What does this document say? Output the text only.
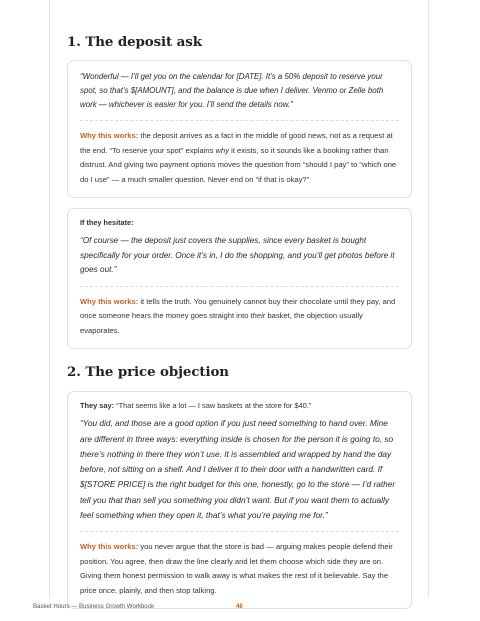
1. The deposit ask

“Wonderful — I’ll get you on the calendar for [DATE]. It’s a 50% deposit to reserve your spot, so that’s $[AMOUNT], and the balance is due when I deliver. Venmo or Zelle both work — whichever is easier for you. I’ll send the details now.”

Why this works: the deposit arrives as a fact in the middle of good news, not as a request at the end. “To reserve your spot” explains why it exists, so it sounds like a booking rather than distrust. And giving two payment options moves the question from “should I pay” to “which one do I use” — a much smaller question. Never end on “if that is okay?”

If they hesitate:

“Of course — the deposit just covers the supplies, since every basket is bought specifically for your order. Once it’s in, I do the shopping, and you’ll get photos before it goes out.”

Why this works: it tells the truth. You genuinely cannot buy their chocolate until they pay, and once someone hears the money goes straight into their basket, the objection usually evaporates.

2. The price objection

They say: “That seems like a lot — I saw baskets at the store for $40.”

“You did, and those are a good option if you just need something to hand over. Mine are different in three ways: everything inside is chosen for the person it is going to, so there’s nothing in there they won’t use. It is assembled and wrapped by hand the day before, not sitting on a shelf. And I deliver it to their door with a handwritten card. If $[STORE PRICE] is the right budget for this one, honestly, go to the store — I’d rather tell you that than sell you something you didn’t want. But if you want them to actually feel something when they open it, that’s what you’re paying me for.”

Why this works: you never argue that the store is bad — arguing makes people defend their position. You agree, then draw the line clearly and let them choose which side they are on. Giving them honest permission to walk away is what makes the rest of it believable. Say the price once, plainly, and then stop talking.

Basket Hours — Business Growth Workbook	46
